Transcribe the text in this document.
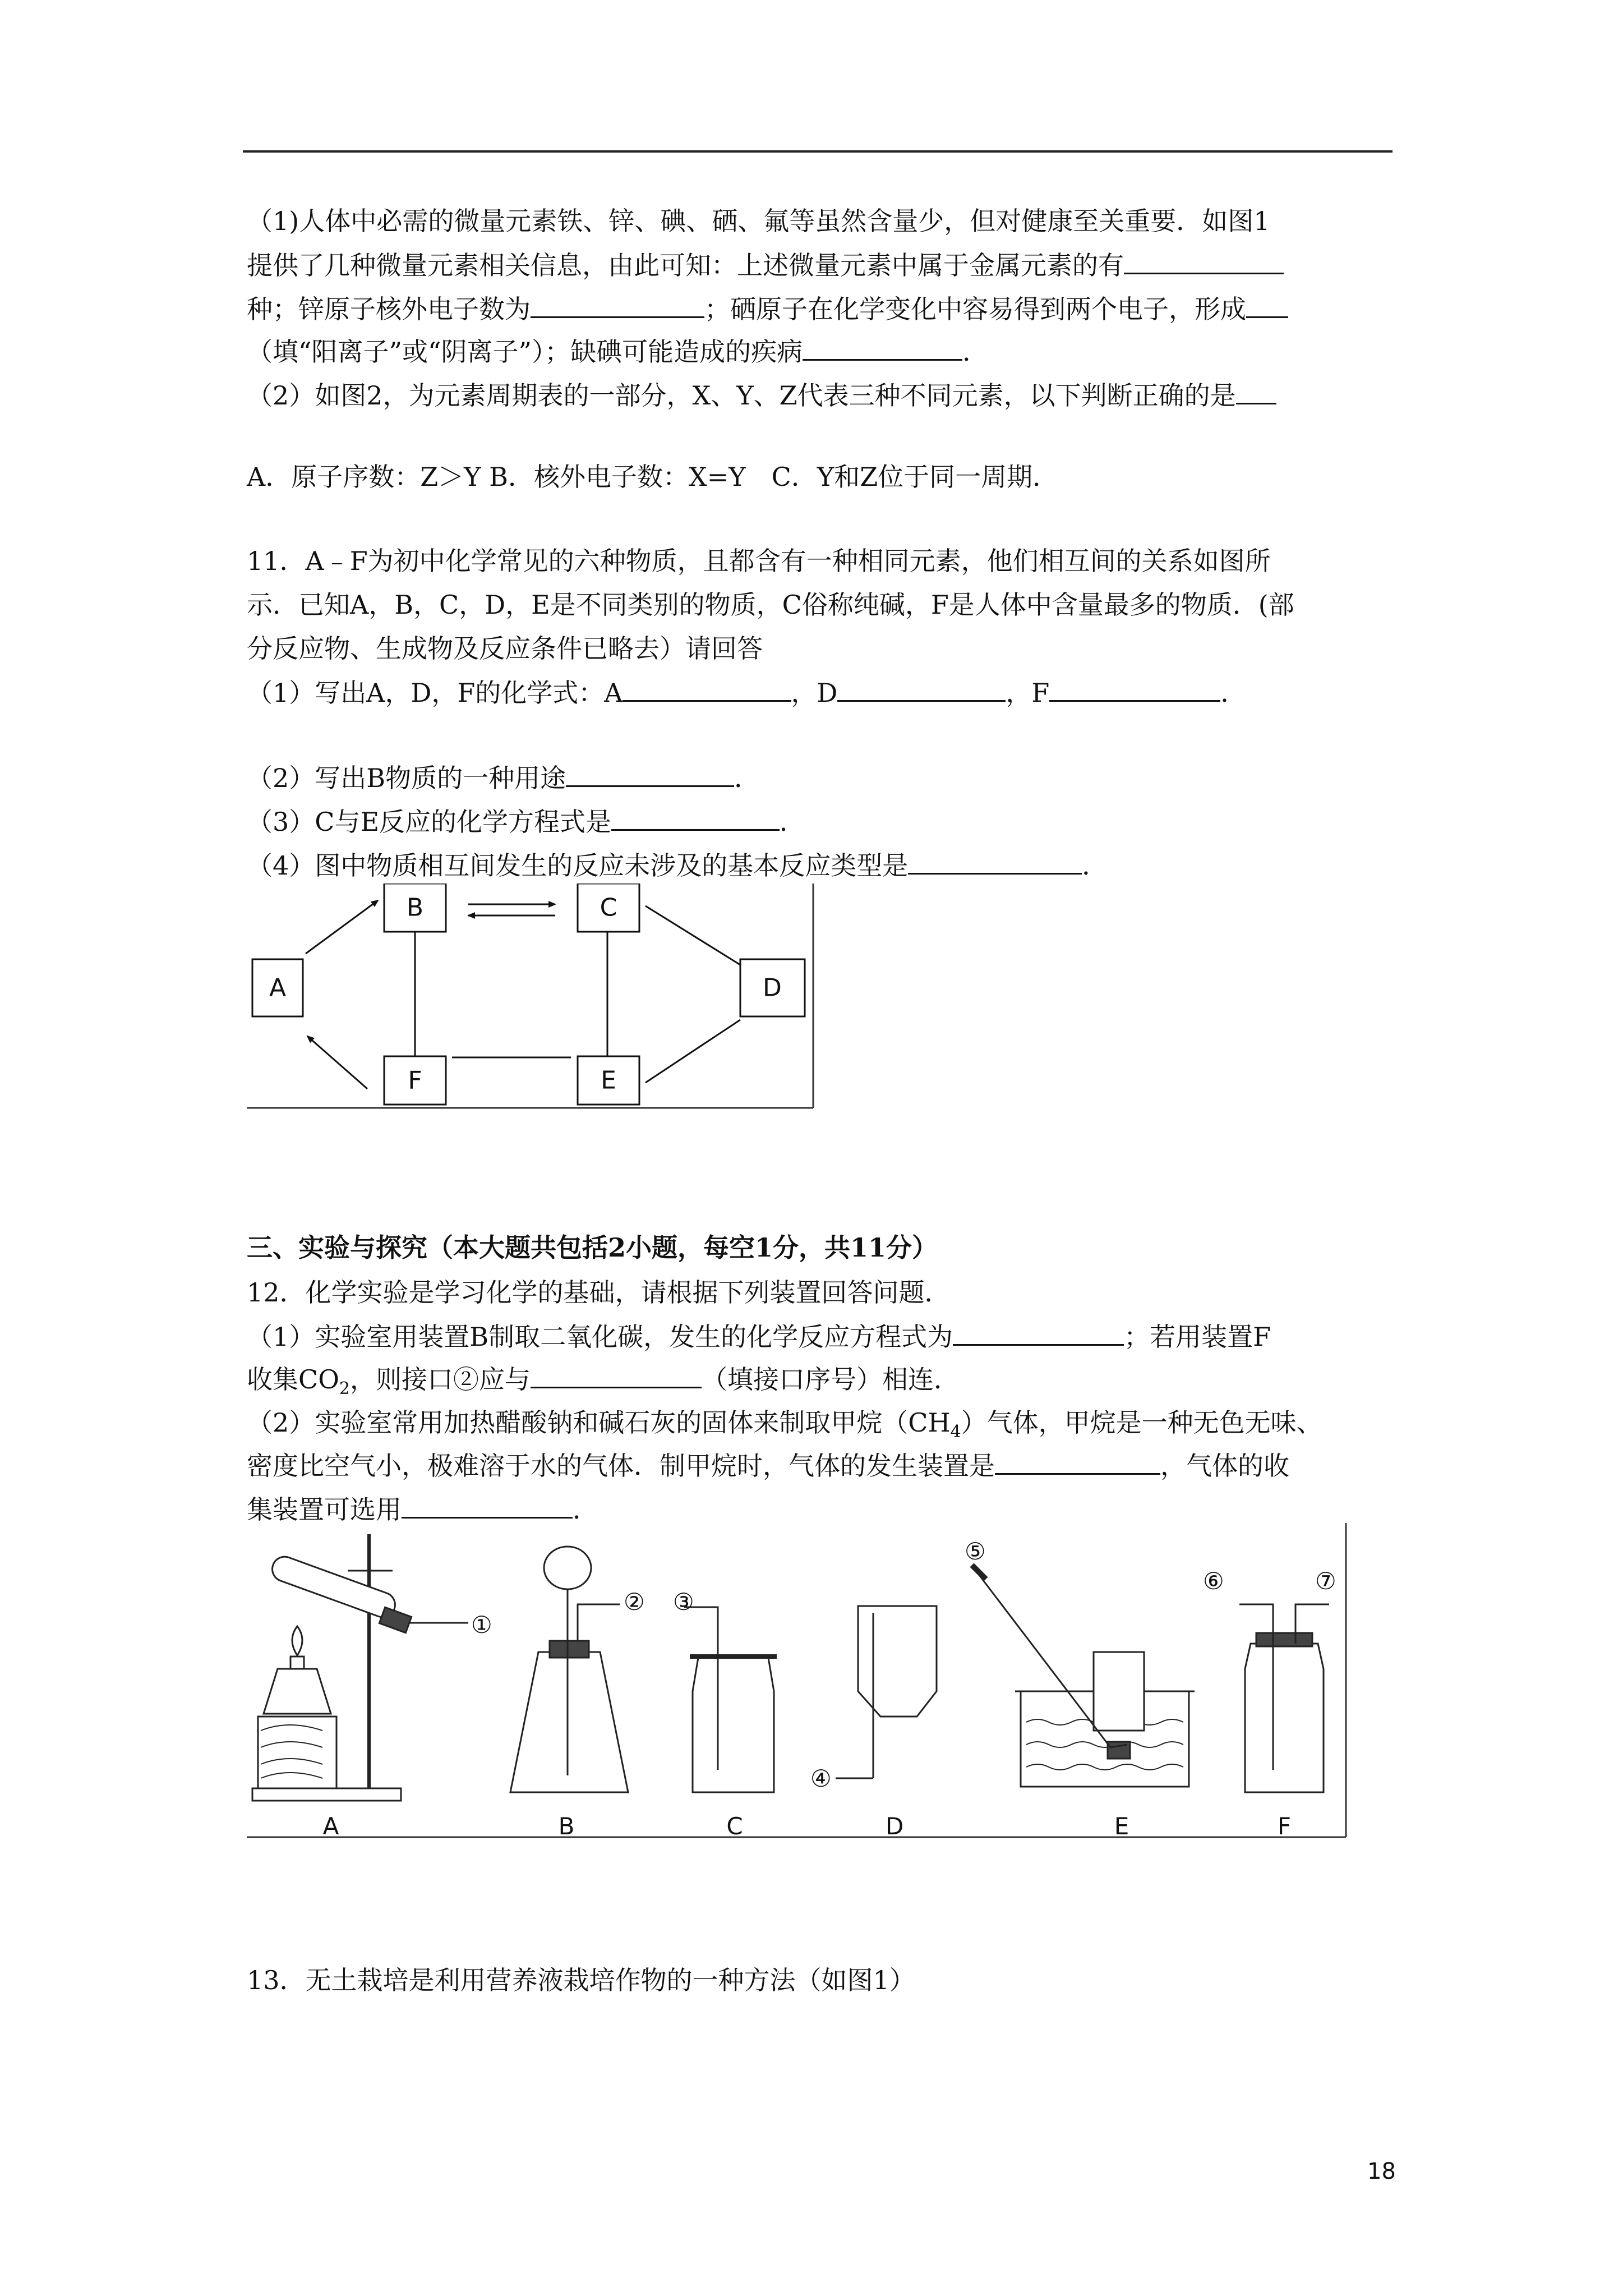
（1)人体中必需的微量元素铁、锌、碘、硒、氟等虽然含量少，但对健康至关重要．如图1
提供了几种微量元素相关信息，由此可知：上述微量元素中属于金属元素的有
种；锌原子核外电子数为	；硒原子在化学变化中容易得到两个电子，形成
（填“阳离子”或“阴离子”）；缺碘可能造成的疾病	．
（2）如图2，为元素周期表的一部分，X、Y、Z代表三种不同元素，以下判断正确的是
A．原子序数：Z＞Y B．核外电子数：X=Y　C．Y和Z位于同一周期．
11．A﹣F为初中化学常见的六种物质，且都含有一种相同元素，他们相互间的关系如图所
示．已知A，B，C，D，E是不同类别的物质，C俗称纯碱，F是人体中含量最多的物质．(部
分反应物、生成物及反应条件已略去）请回答
（1）写出A，D，F的化学式：A	，D	，F	．
（2）写出B物质的一种用途	．
（3）C与E反应的化学方程式是	．
（4）图中物质相互间发生的反应未涉及的基本反应类型是	．
A
B	C
D
E
F
三、实验与探究（本大题共包括2小题，每空1分，共11分）
12．化学实验是学习化学的基础，请根据下列装置回答问题．
（1）实验室用装置B制取二氧化碳，发生的化学反应方程式为	；若用装置F
收集$CO_2$，则接口②应与	（填接口序号）相连．
（2）实验室常用加热醋酸钠和碱石灰的固体来制取甲烷$(CH_4)$气体，甲烷是一种无色无味、
密度比空气小，极难溶于水的气体．制甲烷时，气体的发生装置是	，气体的收
集装置可选用	．
①
② ③
④
⑤
⑥	⑦
A	B	C	D	E	F
13．无土栽培是利用营养液栽培作物的一种方法（如图1）
18
